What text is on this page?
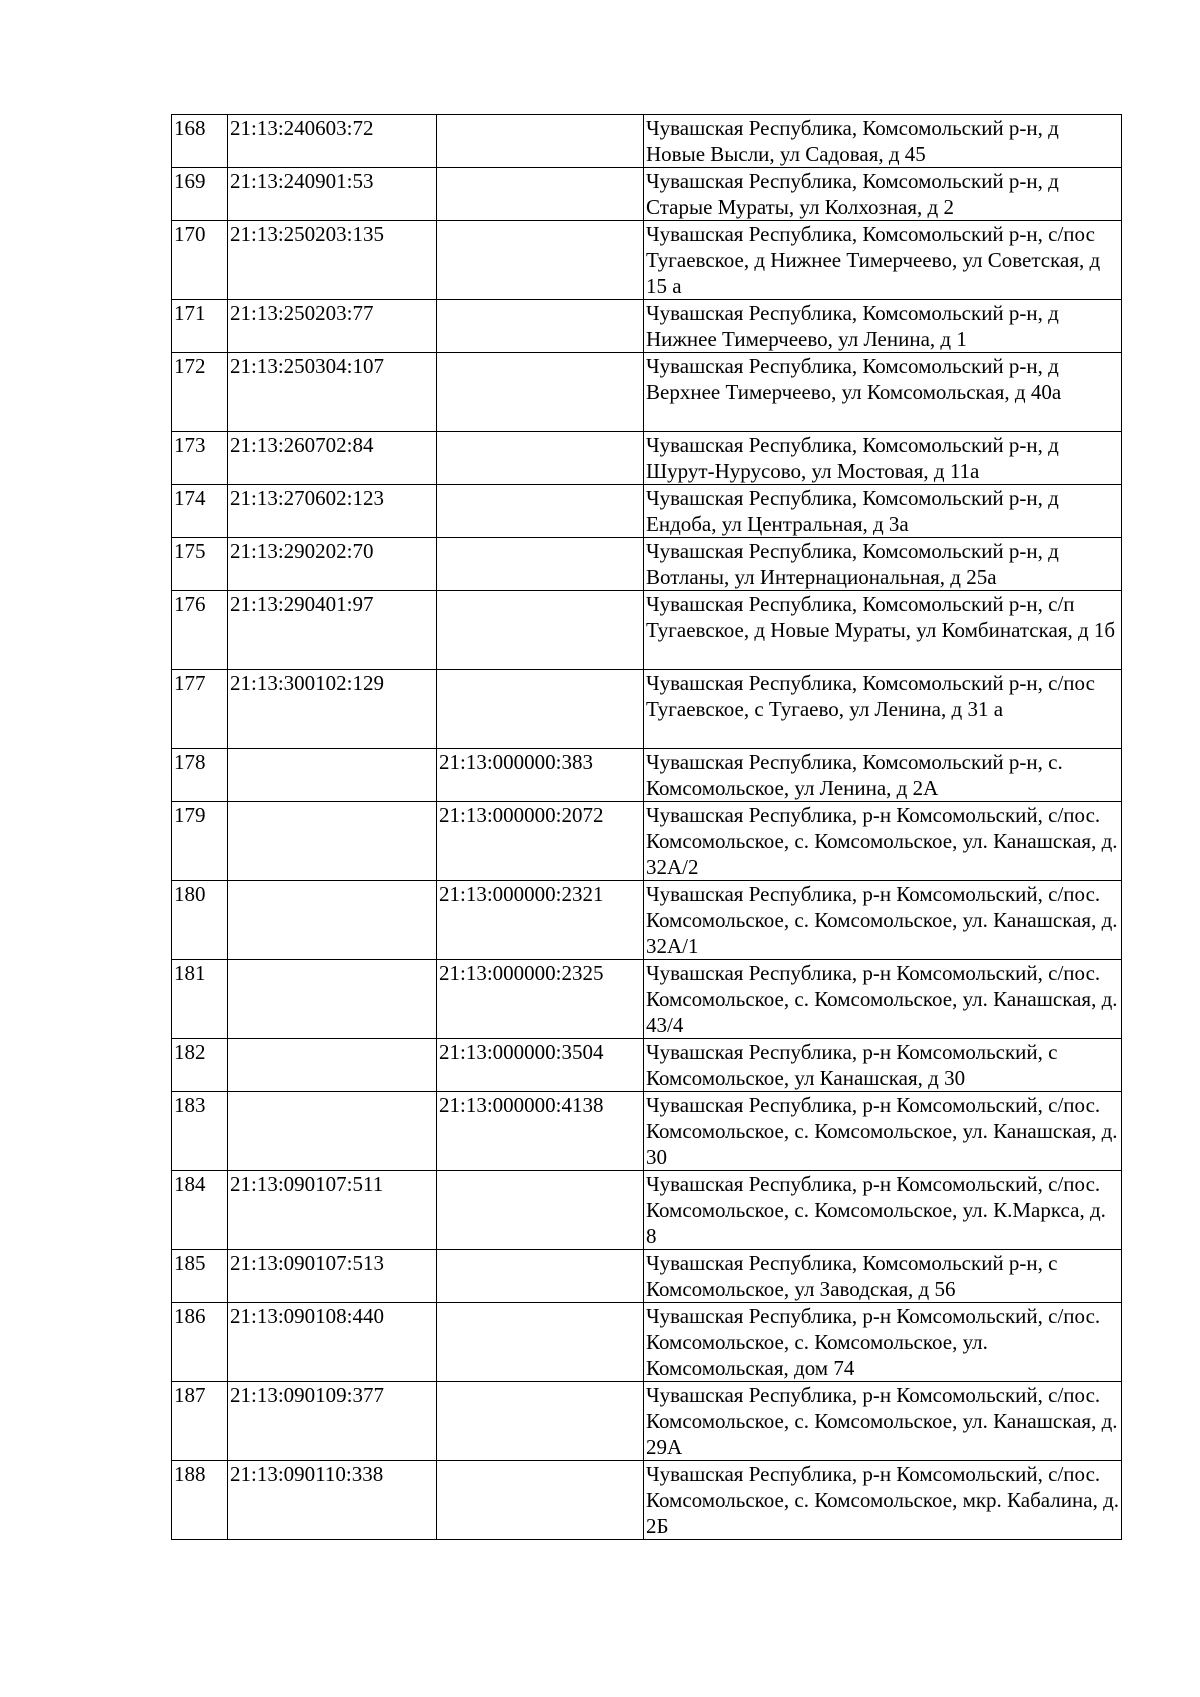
168	21:13:240603:72		Чувашская Республика, Комсомольский р-н, д Новые Высли, ул Садовая, д 45
169	21:13:240901:53		Чувашская Республика, Комсомольский р-н, д Старые Мураты, ул Колхозная, д 2
170	21:13:250203:135		Чувашская Республика, Комсомольский р-н, с/пос Тугаевское, д Нижнее Тимерчеево, ул Советская, д 15 а
171	21:13:250203:77		Чувашская Республика, Комсомольский р-н, д Нижнее Тимерчеево, ул Ленина, д 1
172	21:13:250304:107		Чувашская Республика, Комсомольский р-н, д Верхнее Тимерчеево, ул Комсомольская, д 40а
173	21:13:260702:84		Чувашская Республика, Комсомольский р-н, д Шурут-Нурусово, ул Мостовая, д 11а
174	21:13:270602:123		Чувашская Республика, Комсомольский р-н, д Ендоба, ул Центральная, д 3а
175	21:13:290202:70		Чувашская Республика, Комсомольский р-н, д Вотланы, ул Интернациональная, д 25а
176	21:13:290401:97		Чувашская Республика, Комсомольский р-н, с/п Тугаевское, д Новые Мураты, ул Комбинатская, д 1б
177	21:13:300102:129		Чувашская Республика, Комсомольский р-н, с/пос Тугаевское, с Тугаево, ул Ленина, д 31 а
178		21:13:000000:383	Чувашская Республика, Комсомольский р-н, с. Комсомольское, ул Ленина, д 2А
179		21:13:000000:2072	Чувашская Республика, р-н Комсомольский, с/пос. Комсомольское, с. Комсомольское, ул. Канашская, д. 32А/2
180		21:13:000000:2321	Чувашская Республика, р-н Комсомольский, с/пос. Комсомольское, с. Комсомольское, ул. Канашская, д. 32А/1
181		21:13:000000:2325	Чувашская Республика, р-н Комсомольский, с/пос. Комсомольское, с. Комсомольское, ул. Канашская, д. 43/4
182		21:13:000000:3504	Чувашская Республика, р-н Комсомольский, с Комсомольское, ул Канашская, д 30
183		21:13:000000:4138	Чувашская Республика, р-н Комсомольский, с/пос. Комсомольское, с. Комсомольское, ул. Канашская, д. 30
184	21:13:090107:511		Чувашская Республика, р-н Комсомольский, с/пос. Комсомольское, с. Комсомольское, ул. К.Маркса, д. 8
185	21:13:090107:513		Чувашская Республика, Комсомольский р-н, с Комсомольское, ул Заводская, д 56
186	21:13:090108:440		Чувашская Республика, р-н Комсомольский, с/пос. Комсомольское, с. Комсомольское, ул. Комсомольская, дом 74
187	21:13:090109:377		Чувашская Республика, р-н Комсомольский, с/пос. Комсомольское, с. Комсомольское, ул. Канашская, д. 29А
188	21:13:090110:338		Чувашская Республика, р-н Комсомольский, с/пос. Комсомольское, с. Комсомольское, мкр. Кабалина, д. 2Б
